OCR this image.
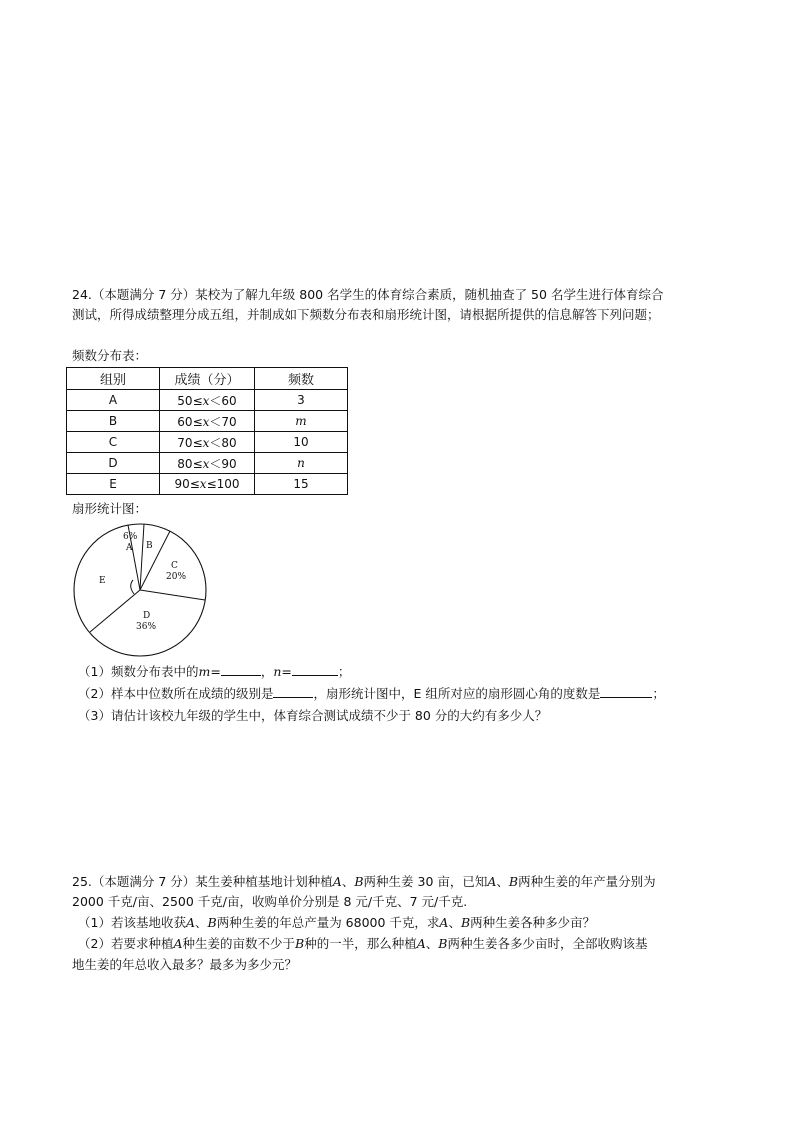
24.（本题满分 7 分）某校为了解九年级 800 名学生的体育综合素质，随机抽查了 50 名学生进行体育综合
测试，所得成绩整理分成五组，并制成如下频数分布表和扇形统计图，请根据所提供的信息解答下列问题；
频数分布表：
组别	成绩（分）	频数
A	50≤x＜60	3
B	60≤x＜70	m
C	70≤x＜80	10
D	80≤x＜90	n
E	90≤x≤100	15
扇形统计图：
6%
A B
C
20%
D
36%
E
（1）频数分布表中的m=	，n=	；
（2）样本中位数所在成绩的级别是	，扇形统计图中，E 组所对应的扇形圆心角的度数是	；
（3）请估计该校九年级的学生中，体育综合测试成绩不少于 80 分的大约有多少人？
25.（本题满分 7 分）某生姜种植基地计划种植A、B两种生姜 30 亩，已知A、B两种生姜的年产量分别为
2000 千克/亩、2500 千克/亩，收购单价分别是 8 元/千克、7 元/千克.
（1）若该基地收获A、B两种生姜的年总产量为 68000 千克，求A、B两种生姜各种多少亩？
（2）若要求种植A种生姜的亩数不少于B种的一半，那么种植A、B两种生姜各多少亩时，全部收购该基
地生姜的年总收入最多？最多为多少元？
